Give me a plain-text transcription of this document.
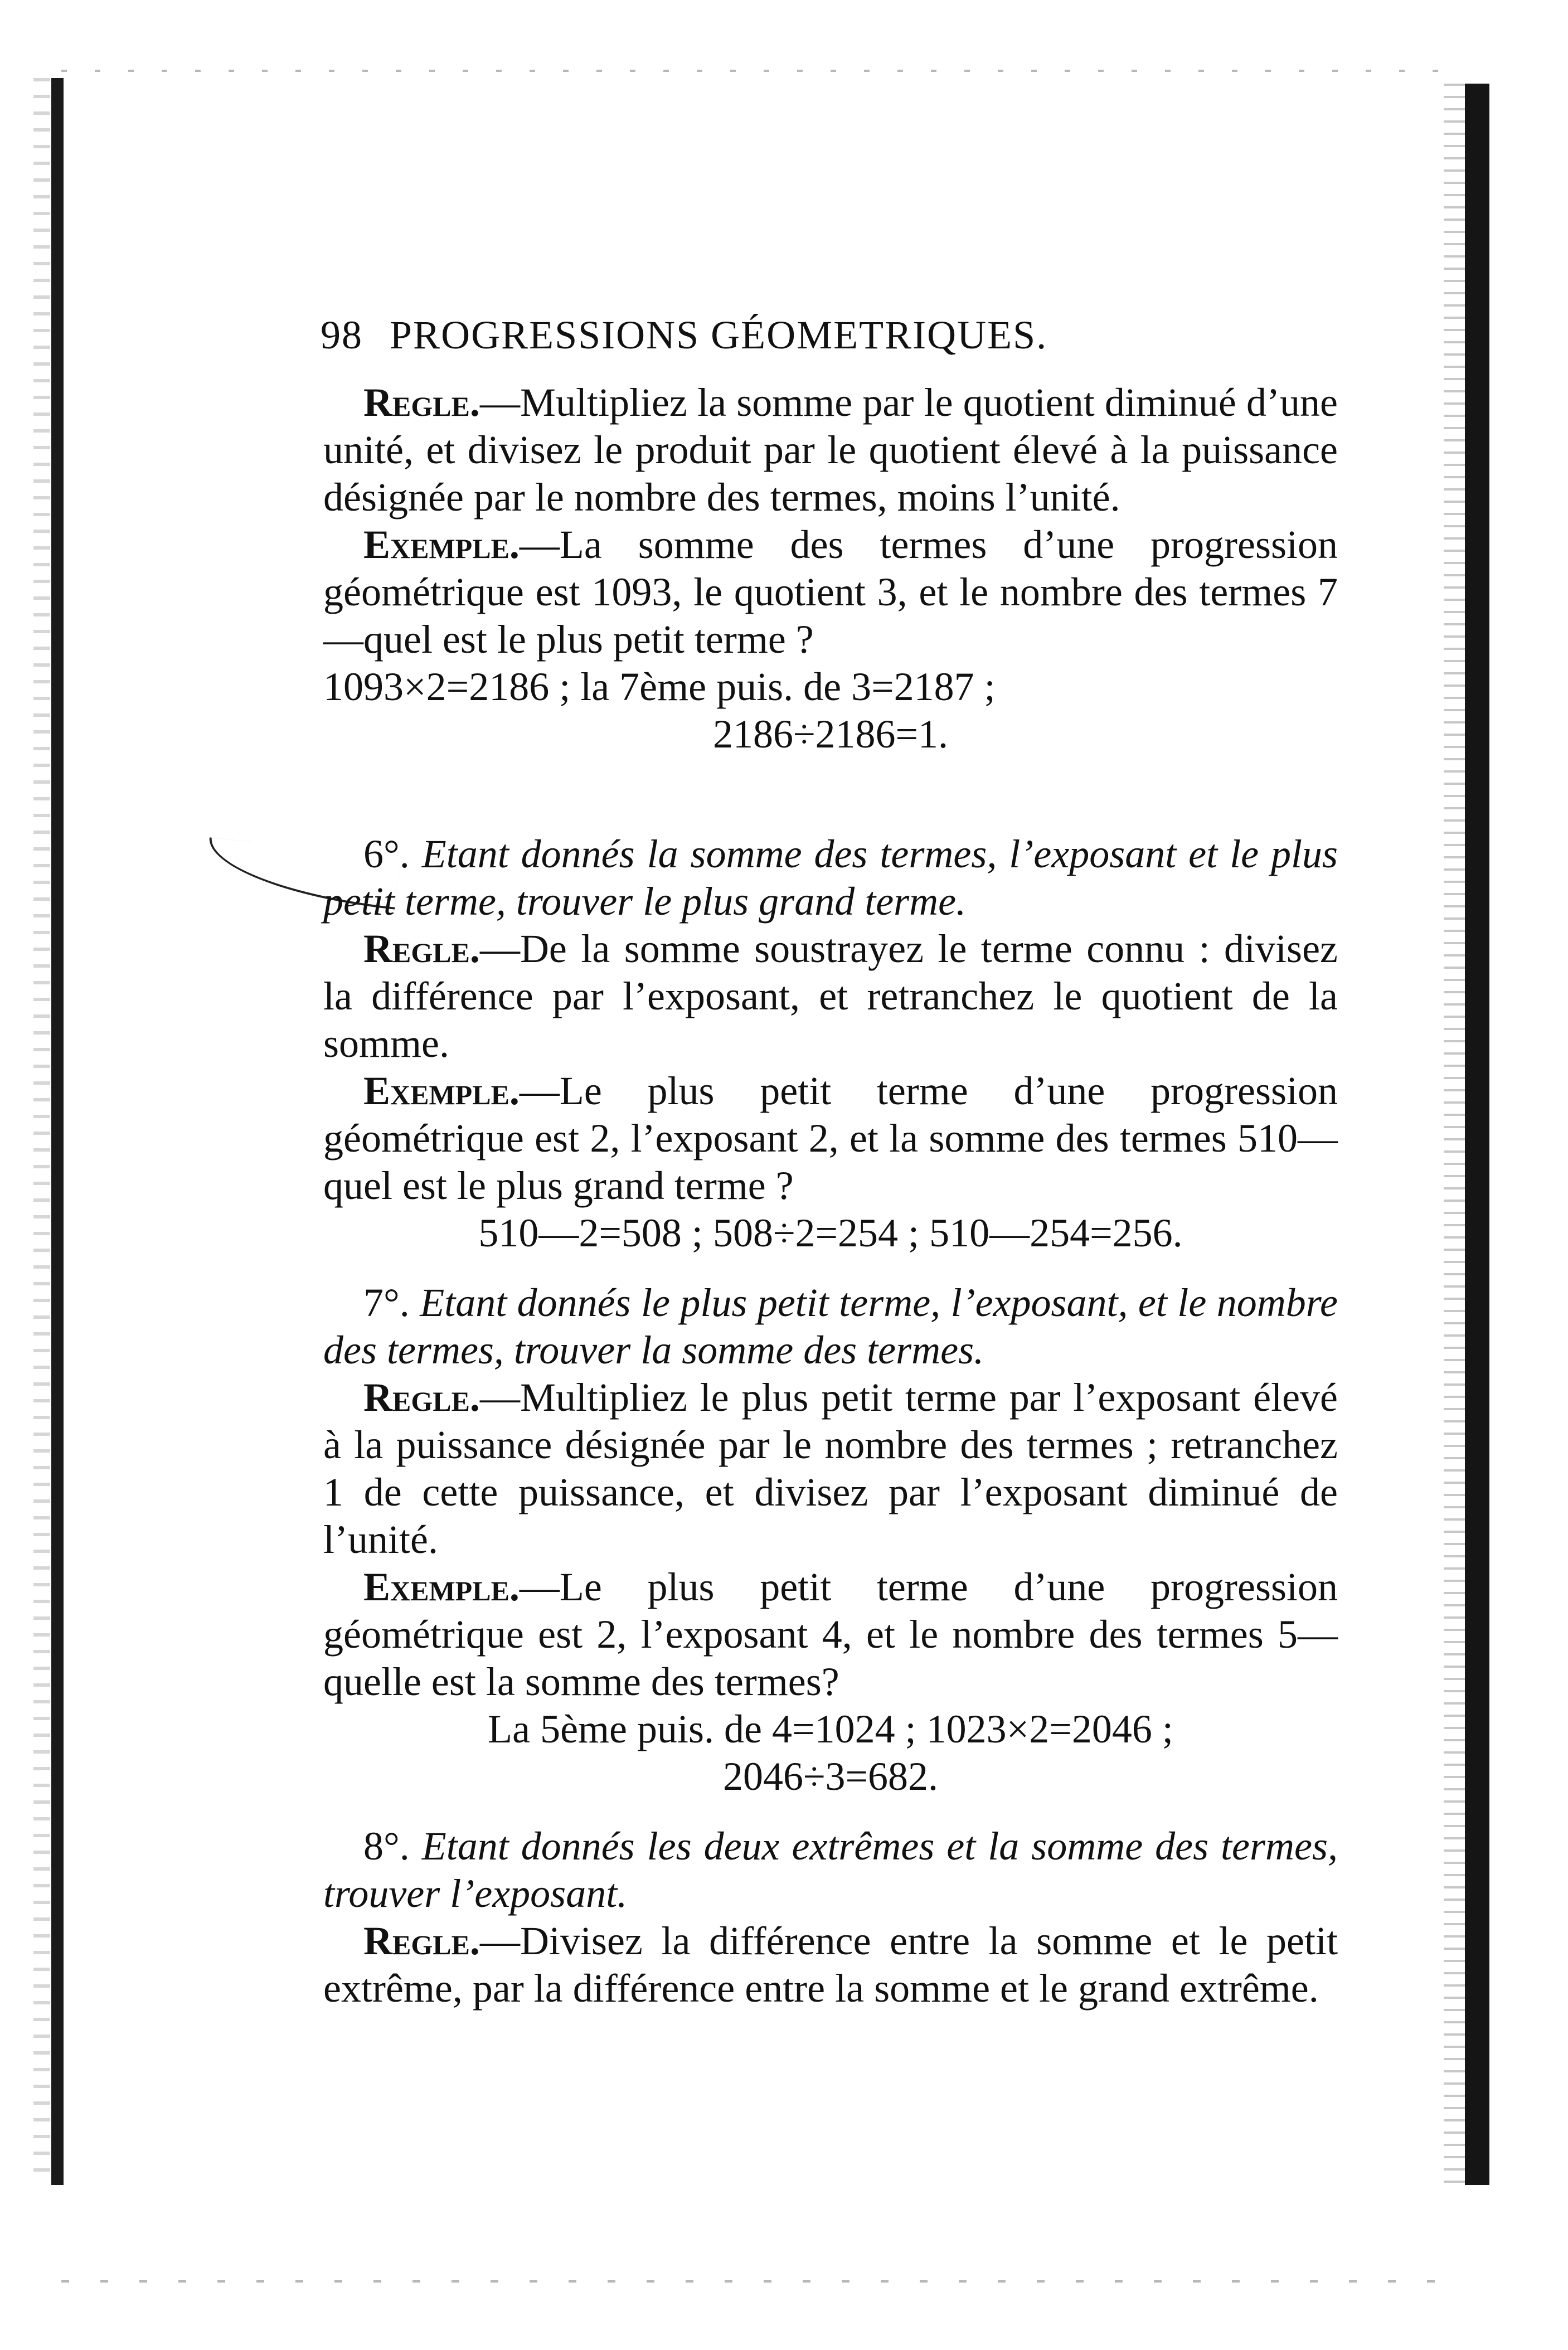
98 PROGRESSIONS GÉOMETRIQUES.

Regle.—Multipliez la somme par le quotient diminué d’une unité, et divisez le produit par le quotient élevé à la puissance désignée par le nombre des termes, moins l’unité.

Exemple.—La somme des termes d’une progression géométrique est 1093, le quotient 3, et le nombre des termes 7—quel est le plus petit terme ?

1093×2=2186 ; la 7ème puis. de 3=2187 ;

2186÷2186=1.

6°. Etant donnés la somme des termes, l’exposant et le plus petit terme, trouver le plus grand terme.

Regle.—De la somme soustrayez le terme connu : divisez la différence par l’exposant, et retranchez le quotient de la somme.

Exemple.—Le plus petit terme d’une progression géométrique est 2, l’exposant 2, et la somme des termes 510—quel est le plus grand terme ?

510—2=508 ; 508÷2=254 ; 510—254=256.

7°. Etant donnés le plus petit terme, l’exposant, et le nombre des termes, trouver la somme des termes.

Regle.—Multipliez le plus petit terme par l’exposant élevé à la puissance désignée par le nombre des termes ; retranchez 1 de cette puissance, et divisez par l’exposant diminué de l’unité.

Exemple.—Le plus petit terme d’une progression géométrique est 2, l’exposant 4, et le nombre des termes 5—quelle est la somme des termes?

La 5ème puis. de 4=1024 ; 1023×2=2046 ;

2046÷3=682.

8°. Etant donnés les deux extrêmes et la somme des termes, trouver l’exposant.

Regle.—Divisez la différence entre la somme et le petit extrême, par la différence entre la somme et le grand extrême.
